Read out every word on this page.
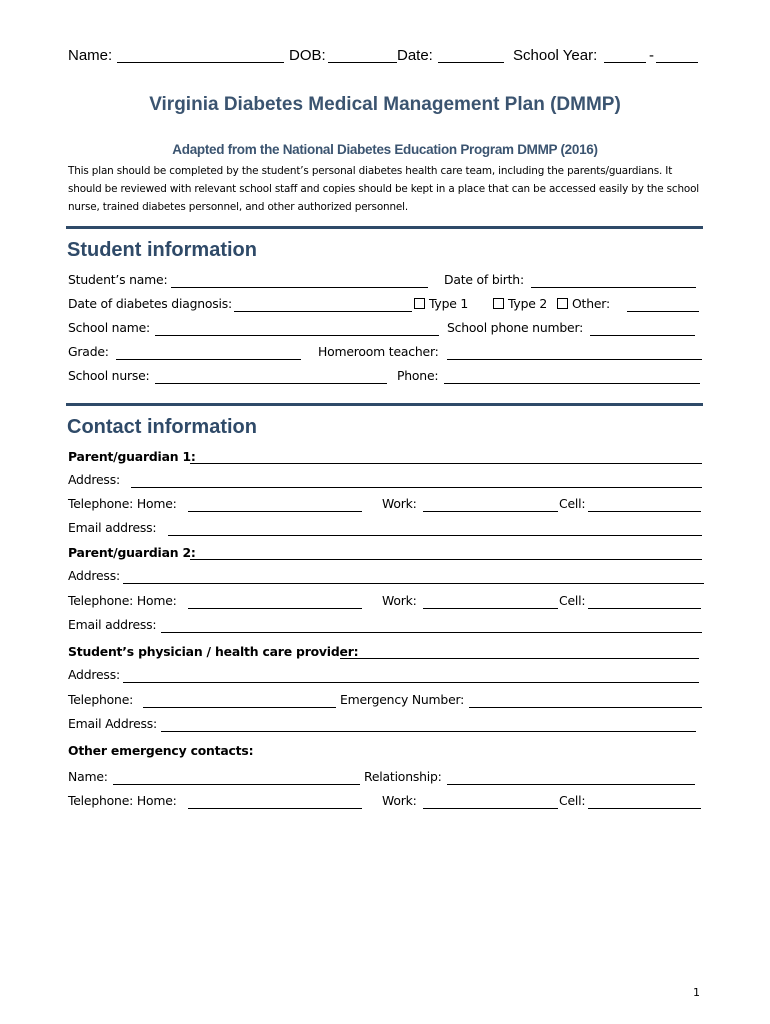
Name:	DOB:	Date:	School Year:	-
Virginia Diabetes Medical Management Plan (DMMP)
Adapted from the National Diabetes Education Program DMMP (2016)
This plan should be completed by the student’s personal diabetes health care team, including the parents/guardians. It should be reviewed with relevant school staff and copies should be kept in a place that can be accessed easily by the school nurse, trained diabetes personnel, and other authorized personnel.
Student information
Student’s name:	Date of birth:
Date of diabetes diagnosis:	Type 1	Type 2 Other:
School name:	School phone number:
Grade:	Homeroom teacher:
School nurse:	Phone:
Contact information
Parent/guardian 1:
Address:
Telephone: Home:	Work:	Cell:
Email address:
Parent/guardian 2:
Address:
Telephone: Home:	Work:	Cell:
Email address:
Student’s physician / health care provider:
Address:
Telephone:	Emergency Number:
Email Address:
Other emergency contacts:
Name:	Relationship:
Telephone: Home:	Work:	Cell:
1
